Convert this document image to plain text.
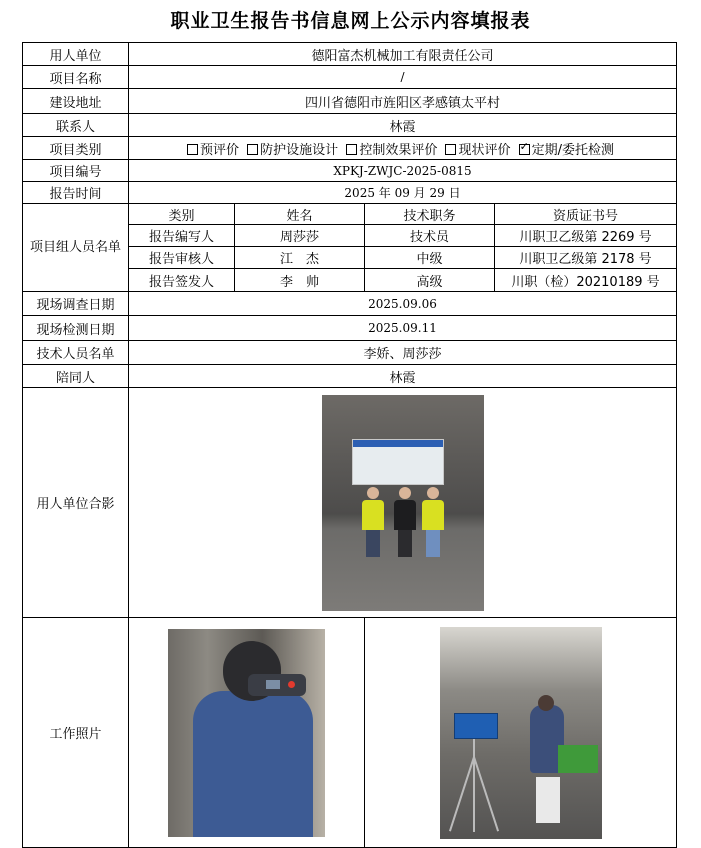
职业卫生报告书信息网上公示内容填报表
用人单位	德阳富杰机械加工有限责任公司			
项目名称	/			
建设地址	四川省德阳市旌阳区孝感镇太平村			
联系人	林霞			
项目类别	预评价 防护设施设计 控制效果评价 现状评价 ✓ 定期/委托检测
项目编号	XPKJ-ZWJC-2025-0815			
报告时间	2025 年 09 月 29 日			
项目组人员名单	类别	姓名	技术职务	资质证书号
	报告编写人	周莎莎	技术员	川职卫乙级第 2269 号
	报告审核人	江　杰	中级	川职卫乙级第 2178 号
	报告签发人	李　帅	高级	川职（检）20210189 号
现场调查日期	2025.09.06			
现场检测日期	2025.09.11			
技术人员名单	李娇、周莎莎			
陪同人	林霞			
用人单位合影				

工作照片			
